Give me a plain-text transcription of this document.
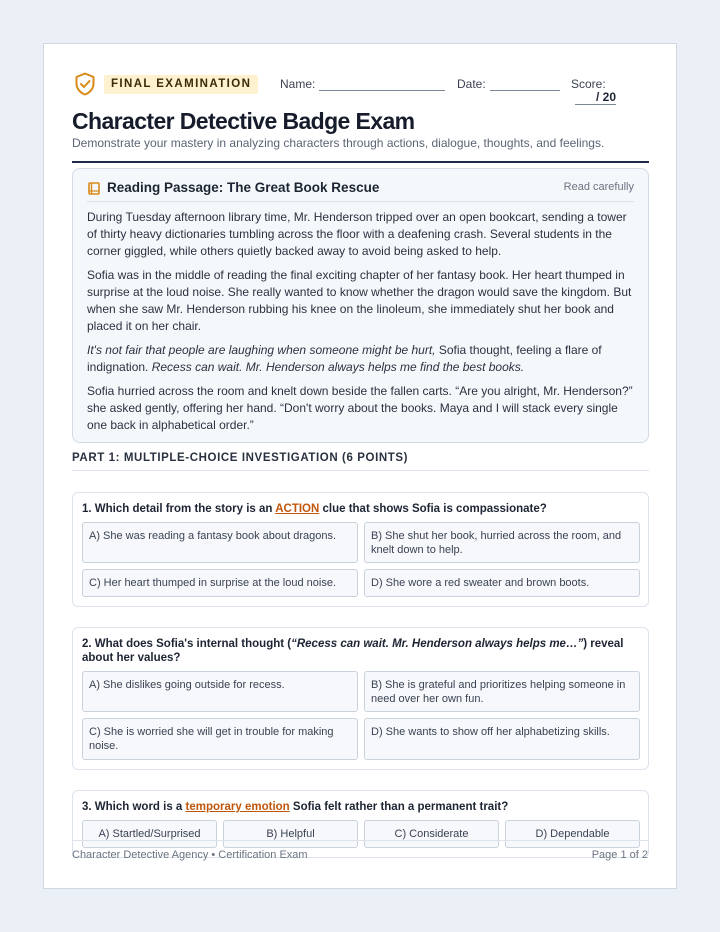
FINAL EXAMINATION	Name:	Date:	Score:/ 20
Character Detective Badge Exam
Demonstrate your mastery in analyzing characters through actions, dialogue, thoughts, and feelings.
Reading Passage: The Great Book Rescue	Read carefully

During Tuesday afternoon library time, Mr. Henderson tripped over an open bookcart, sending a tower of thirty heavy dictionaries tumbling across the floor with a deafening crash. Several students in the corner giggled, while others quietly backed away to avoid being asked to help.

Sofia was in the middle of reading the final exciting chapter of her fantasy book. Her heart thumped in surprise at the loud noise. She really wanted to know whether the dragon would save the kingdom. But when she saw Mr. Henderson rubbing his knee on the linoleum, she immediately shut her book and placed it on her chair.

It's not fair that people are laughing when someone might be hurt, Sofia thought, feeling a flare of indignation. Recess can wait. Mr. Henderson always helps me find the best books.

Sofia hurried across the room and knelt down beside the fallen carts. “Are you alright, Mr. Henderson?” she asked gently, offering her hand. “Don't worry about the books. Maya and I will stack every single one back in alphabetical order.”

PART 1: MULTIPLE-CHOICE INVESTIGATION (6 POINTS)
1. Which detail from the story is an ACTION clue that shows Sofia is compassionate?
A) She was reading a fantasy book about dragons.	B) She shut her book, hurried across the room, and knelt down to help.
C) Her heart thumped in surprise at the loud noise.	D) She wore a red sweater and brown boots.
2. What does Sofia's internal thought (“Recess can wait. Mr. Henderson always helps me…”) reveal about her values?
A) She dislikes going outside for recess.	B) She is grateful and prioritizes helping someone in need over her own fun.
C) She is worried she will get in trouble for making noise.
D) She wants to show off her alphabetizing skills.
3. Which word is a temporary emotion Sofia felt rather than a permanent trait?
A) Startled/Surprised	B) Helpful	C) Considerate	D) Dependable
Character Detective Agency • Certification Exam	Page 1 of 2
